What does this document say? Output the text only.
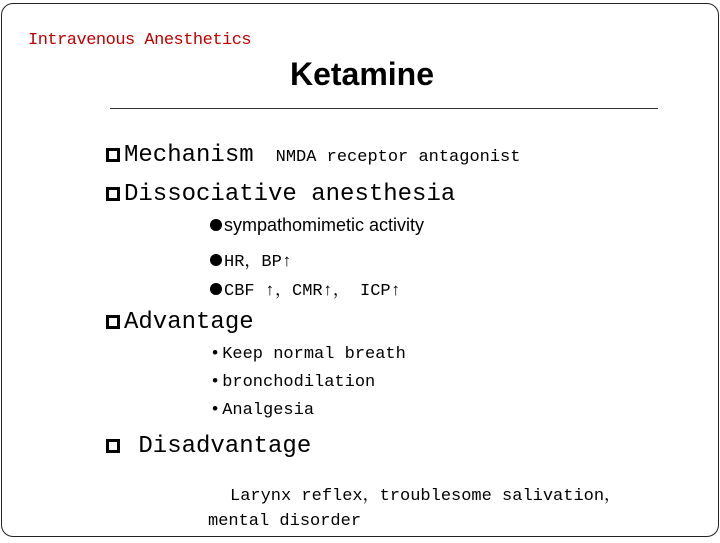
Intravenous Anesthetics
Ketamine
Mechanism NMDA receptor antagonist
Dissociative anesthesia
sympathomimetic activity
HR，BP↑
CBF ↑，CMR↑， ICP↑
Advantage
• Keep normal breath
• bronchodilation
• Analgesia
Disadvantage
Larynx reflex，troublesome salivation，
mental disorder
